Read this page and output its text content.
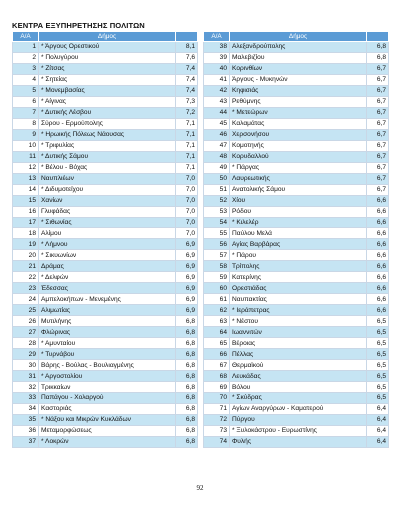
ΚΕΝΤΡΑ ΕΞΥΠΗΡΕΤΗΣΗΣ ΠΟΛΙΤΩΝ
Α/Α	Δήμος	
1	* Άργους Ορεστικού	8,1
2	* Πολυγύρου	7,6
3	* Ζίτσας	7,4
4	* Σητείας	7,4
5	* Μονεμβασίας	7,4
6	* Αίγινας	7,3
7	* Δυτικής Λέσβου	7,2
8	Σύρου - Ερμούπολης	7,1
9	* Ηρωικής Πόλεως Νάουσας	7,1
10	* Τριφυλίας	7,1
11	* Δυτικής Σάμου	7,1
12	* Βέλου - Βόχας	7,1
13	Ναυπλιέων	7,0
14	* Διδυμοτείχου	7,0
15	Χανίων	7,0
16	Γλυφάδας	7,0
17	* Σιθωνίας	7,0
18	Αλίμου	7,0
19	* Λήμνου	6,9
20	* Σικυωνίων	6,9
21	Δράμας	6,9
22	* Δελφών	6,9
23	Έδεσσας	6,9
24	Αμπελοκήπων - Μενεμένης	6,9
25	Αλιμωτίας	6,9
26	Μυτιλήνης	6,8
27	Φλώρινας	6,8
28	* Αμυνταίου	6,8
29	* Τυρνάβου	6,8
30	Βάρης - Βούλας - Βουλιαγμένης	6,8
31	* Αργοστολίου	6,8
32	Τρικκαίων	6,8
33	Παπάγου - Χολαργού	6,8
34	Καστοριάς	6,8
35	* Νάξου και Μικρών Κυκλάδων	6,8
36	Μεταμορφώσεως	6,8
37	* Λοκρών	6,8
Α/Α	Δήμος	
38	Αλεξανδρούπολης	6,8
39	Μαλεβιζίου	6,8
40	Κορινθίων	6,7
41	Άργους - Μυκηνών	6,7
42	Κηφισιάς	6,7
43	Ρεθύμνης	6,7
44	* Μετεώρων	6,7
45	Καλαμάτας	6,7
46	Χερσονήσου	6,7
47	Κομοτηνής	6,7
48	Κορυδαλλού	6,7
49	* Πάργας	6,7
50	Λαυρεωτικής	6,7
51	Ανατολικής Σάμου	6,7
52	Χίου	6,6
53	Ρόδου	6,6
54	* Κιλελέρ	6,6
55	Παύλου Μελά	6,6
56	Αγίας Βαρβάρας	6,6
57	* Πάρου	6,6
58	Τρίπολης	6,6
59	Κατερίνης	6,6
60	Ορεστιάδας	6,6
61	Ναυπακτίας	6,6
62	* Ιεράπετρας	6,6
63	* Νέστου	6,5
64	Ιωαννιτών	6,5
65	Βέροιας	6,5
66	Πέλλας	6,5
67	Θερμαϊκού	6,5
68	Λευκάδας	6,5
69	Βόλου	6,5
70	* Σκύδρας	6,5
71	Αγίων Αναργύρων - Καματερού	6,4
72	Πύργου	6,4
73	* Ξυλοκάστρου - Ευρωστίνης	6,4
74	Φυλής	6,4
92
